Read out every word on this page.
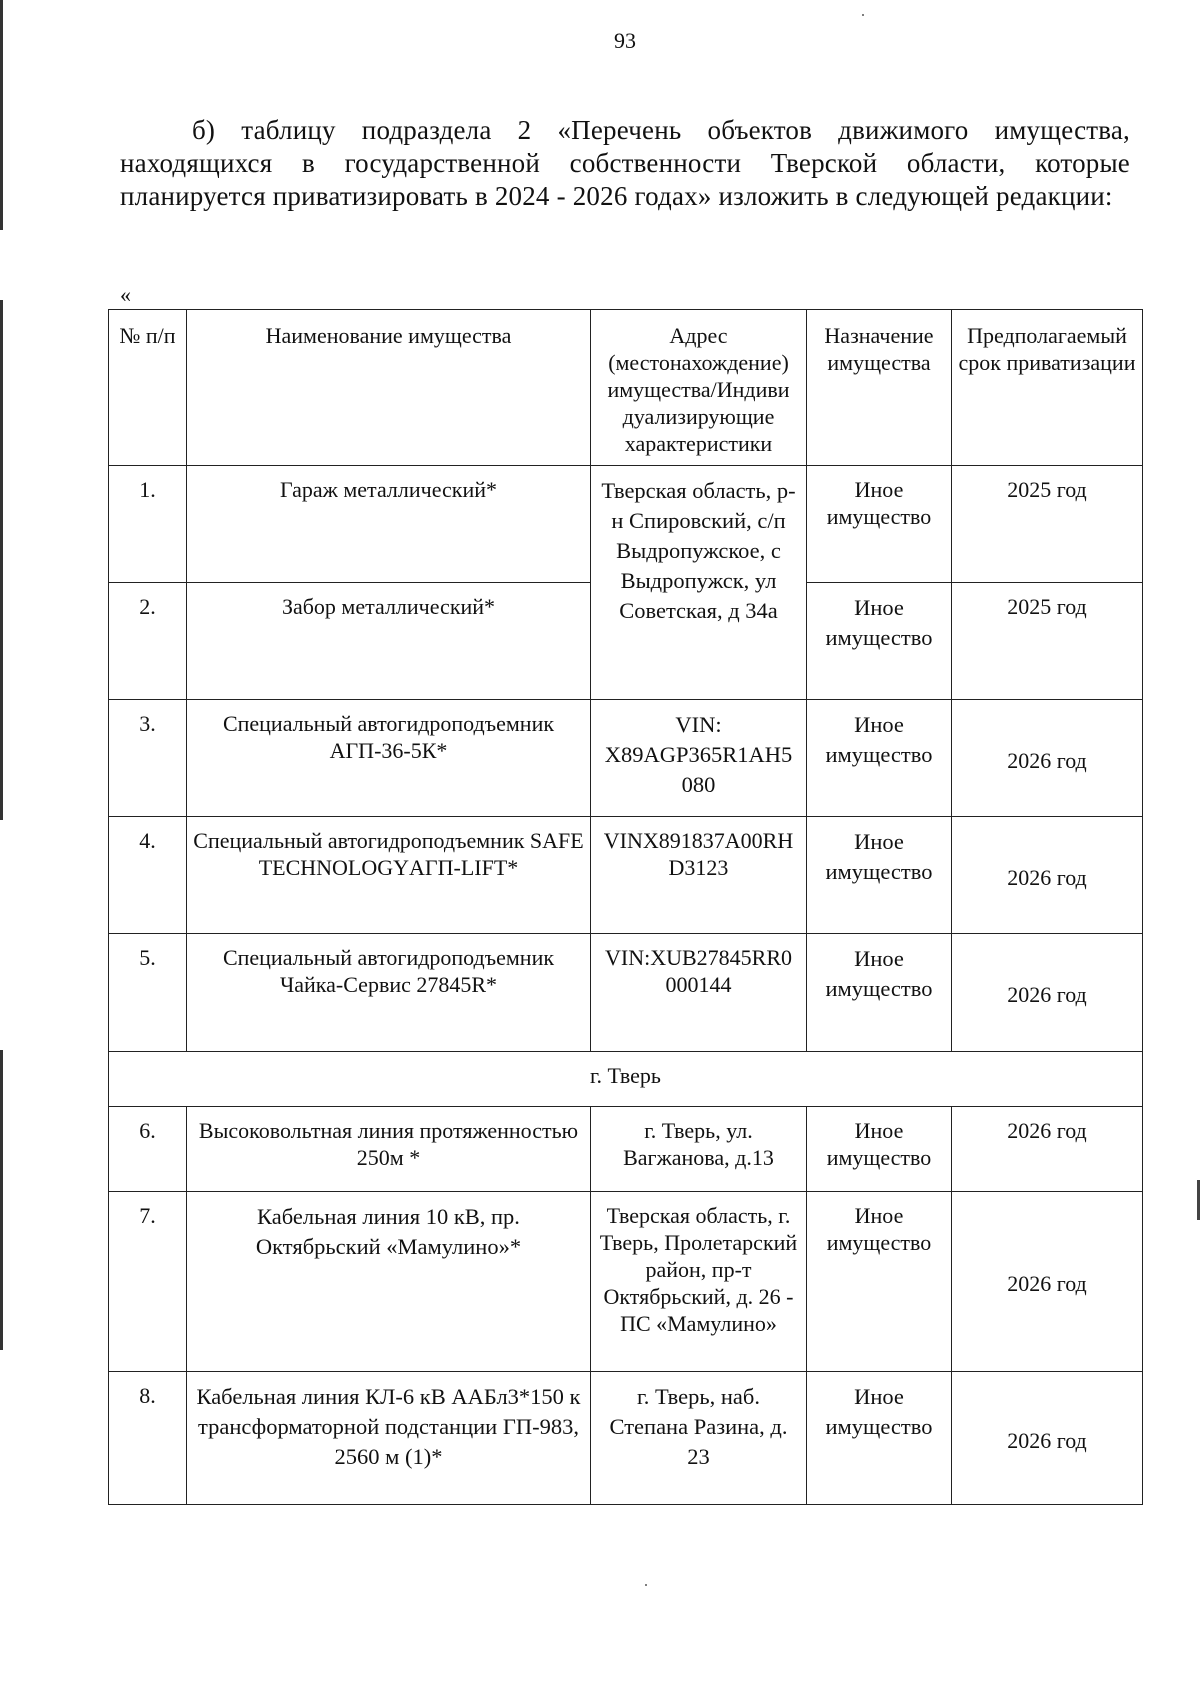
93
б) таблицу подраздела 2 «Перечень объектов движимого имущества, находящихся в государственной собственности Тверской области, которые планируется приватизировать в 2024 - 2026 годах» изложить в следующей редакции:
«
№ п/п	Наименование имущества	Адрес (местонахождение) имущества/Индиви дуализирующие характеристики	Назначение имущества	Предполагаемый срок приватизации
1.	Гараж металлический*	Тверская область, р-н Спировский, с/п Выдропужское, с Выдропужск, ул Советская, д 34а	Иное имущество	2025 год
2.	Забор металлический*		Иное имущество	2025 год
3.	Специальный автогидроподъемник АГП-36-5К*	VIN: X89AGP365R1AH5 080	Иное имущество	2026 год
4.	Специальный автогидроподъемник SAFE TECHNOLOGYАГП-LIFT*	VINX891837A00RH D3123	Иное имущество	2026 год
5.	Специальный автогидроподъемник Чайка-Сервис 27845R*	VIN:XUB27845RR0 000144	Иное имущество	2026 год
г. Тверь				
6.	Высоковольтная линия протяженностью 250м *	г. Тверь, ул. Вагжанова, д.13	Иное имущество	2026 год
7.	Кабельная линия 10 кВ, пр. Октябрьский «Мамулино»*	Тверская область, г. Тверь, Пролетарский район, пр-т Октябрьский, д. 26 - ПС «Мамулино»	Иное имущество	2026 год
8.	Кабельная линия КЛ-6 кВ ААБл3*150 к трансформаторной подстанции ГП-983, 2560 м (1)*	г. Тверь, наб. Степана Разина, д. 23	Иное имущество	2026 год
